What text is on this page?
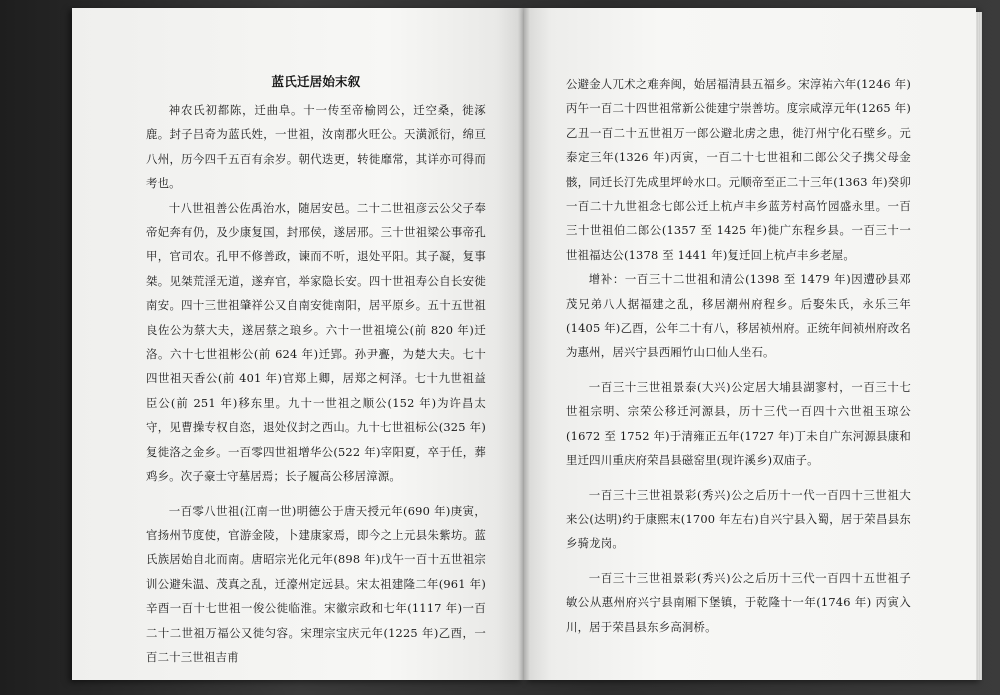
蓝氏迁居始末叙

神农氏初都陈，迁曲阜。十一传至帝榆罔公，迁空桑，徙涿鹿。封子吕奇为蓝氏姓，一世祖，汝南郡火旺公。天潢派衍，绵亘八州，历今四千五百有余岁。朝代迭更，转徙靡常，其详亦可得而考也。

十八世祖善公佐禹治水，随居安邑。二十二世祖彦云公父子奉帝妃奔有仍，及少康复国，封邢侯，遂居邢。三十世祖梁公事帝孔甲，官司农。孔甲不修善政，谏而不听，退处平阳。其子凝，复事桀。见桀荒淫无道，遂弃官，举家隐长安。四十世祖寿公自长安徙南安。四十三世祖肇祥公又自南安徙南阳，居平原乡。五十五世祖良佐公为蔡大夫，遂居蔡之琅乡。六十一世祖境公(前 820 年)迁洛。六十七世祖彬公(前 624 年)迁郢。孙尹亹，为楚大夫。七十四世祖天香公(前 401 年)官郑上卿，居郑之柯泽。七十九世祖益臣公(前 251 年)移东里。九十一世祖之顺公(152 年)为许昌太守，见曹操专权自恣，退处仪封之西山。九十七世祖标公(325 年)复徙洛之金乡。一百零四世祖增华公(522 年)宰阳夏，卒于任，葬鸡乡。次子豪士守墓居焉；长子履高公移居漳源。

一百零八世祖(江南一世)明德公于唐天授元年(690 年)庚寅，官扬州节度使，官游金陵，卜建康家焉，即今之上元县朱紫坊。蓝氏族居始自北而南。唐昭宗光化元年(898 年)戊午一百十五世祖宗训公避朱温、茂真之乱，迁濠州定远县。宋太祖建隆二年(961 年)辛酉一百十七世祖一俊公徙临淮。宋徽宗政和七年(1117 年)一百二十二世祖万福公又徙匀容。宋理宗宝庆元年(1225 年)乙酉，一百二十三世祖吉甫

公避金人兀术之难奔闽，始居福清县五福乡。宋淳祐六年(1246 年)丙午一百二十四世祖常新公徙建宁崇善坊。度宗咸淳元年(1265 年)乙丑一百二十五世祖万一郎公避北虏之患，徙汀州宁化石壁乡。元泰定三年(1326 年)丙寅，一百二十七世祖和二郎公父子携父母金骸，同迁长汀先成里坪岭水口。元顺帝至正二十三年(1363 年)癸卯一百二十九世祖念七郎公迁上杭卢丰乡蓝芳村高竹园盛永里。一百三十世祖伯二郎公(1357 至 1425 年)徙广东程乡县。一百三十一世祖福达公(1378 至 1441 年)复迁回上杭卢丰乡老屋。

增补：一百三十二世祖和清公(1398 至 1479 年)因遭砂县邓茂兄弟八人据福建之乱，移居潮州府程乡。后娶朱氏，永乐三年(1405 年)乙酉，公年二十有八，移居祯州府。正统年间祯州府改名为惠州，居兴宁县西厢竹山口仙人坐石。

一百三十三世祖景泰(大兴)公定居大埔县湖寥村，一百三十七世祖宗明、宗荣公移迁河源县，历十三代一百四十六世祖玉琼公(1672 至 1752 年)于清雍正五年(1727 年)丁未自广东河源县康和里迁四川重庆府荣昌县磁窑里(现许溪乡)双庙子。

一百三十三世祖景彩(秀兴)公之后历十一代一百四十三世祖大来公(达明)约于康熙末(1700 年左右)自兴宁县入蜀，居于荣昌县东乡骑龙岗。

一百三十三世祖景彩(秀兴)公之后历十三代一百四十五世祖子敏公从惠州府兴宁县南厢下堡镇，于乾隆十一年(1746 年) 丙寅入川，居于荣昌县东乡高洞桥。
